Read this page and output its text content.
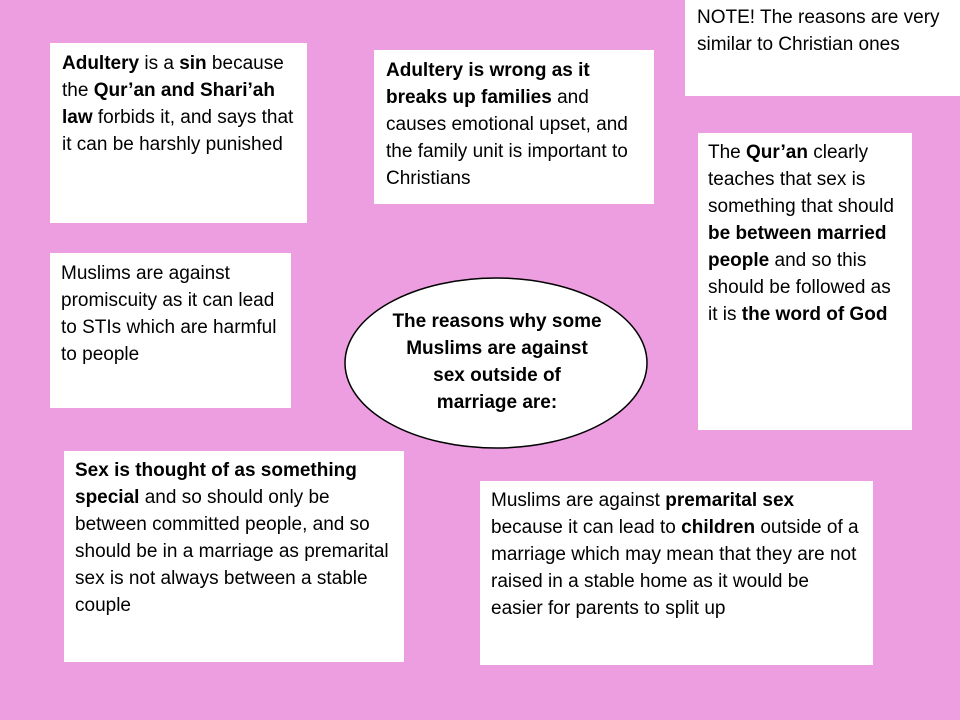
Adultery is a sin because the Qur’an and Shari’ah law forbids it, and says that it can be harshly punished
Adultery is wrong as it breaks up families and causes emotional upset, and the family unit is important to Christians
NOTE! The reasons are very similar to Christian ones
The Qur’an clearly teaches that sex is something that should be between married people and so this should be followed as it is the word of God
Muslims are against promiscuity as it can lead to STIs which are harmful to people
The reasons why some
Muslims are against
sex outside of
marriage are:
Sex is thought of as something special and so should only be between committed people, and so should be in a marriage as premarital sex is not always between a stable couple
Muslims are against premarital sex because it can lead to children outside of a marriage which may mean that they are not raised in a stable home as it would be easier for parents to split up
